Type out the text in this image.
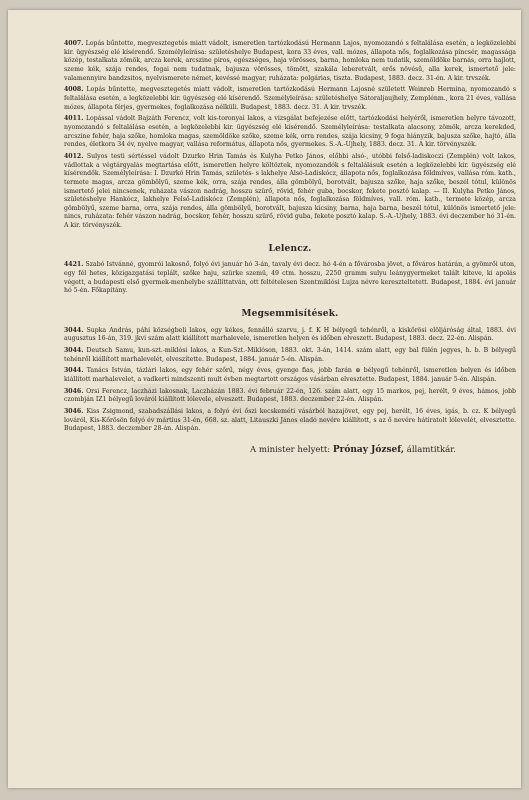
4007. Lopás bűntette, megvesztegetés miatt vádolt, ismeretlen tartózkodású Hermann Lajos, nyomozandó s feltalálása esetén, a legközelebbi kir. ügyészség elé kísérendő. Személyleírása: születéshelye Budapest, kora 33 éves, vall. mózes, állapota nős, foglalkozása pincsér, magassága közép, testalkata zömök, arcza kerek, arcszine piros, egészséges, haja vörösses, barna, homloka nem tudatik, szemöldöke barnás, orra hajlott, szeme kék, szája rendes, fogai nem tudatnak, bajusza vörösses, tömött, szakála leberetvált, erős növésű, alla kerek, ismertető jele: valamennyire bandzsitos, nyelvismerete német, kevéssé magyar, ruházata: polgárias, tiszta. Budapest, 1883. decz. 31-én. A kir. trvszék.

4008. Lopás bűntette, megvesztegetés miatt vádolt, ismeretlen tartózkodású Hermann Lajosné született Weinreb Hermina, nyomozandó s feltalálása esetén, a legközelebbi kir. ügyészség elé kísérendő. Személyleírása: születéshelye Sátoraljaujhely, Zemplénm., kora 21 éves, vallása mózes, állapota férjes, gyermekes, foglalkozása nélküli. Budapest, 1883. decz. 31. A kir. trvszék.

4011. Lopással vádolt Bajzáth Ferencz, volt kis-toronyai lakos, a vizsgálat befejezése előtt, tartózkodási helyéről, ismeretlen helyre távozott, nyomozandó s feltalálása esetén, a legközelebbi kir. ügyészség elé kísérendő. Személyleírása: testalkata alacsony, zömök, arcza kerekded, arcszine fehér, haja szőke, homloka magas, szemöldöke szőke, szeme kék, orra rendes, szája kicsiny, 9 foga hiányzik, bajusza szőke, hajtó, álla rendes, életkora 34 év, nyelve magyar, vallása református, állapota nős, gyermekes. S.-A.-Ujhely, 1883. decz. 31. A kir. törvényszék.

4012. Sulyos testi sértéssel vádolt Dzurko Hrin Tamás és Kulyha Petko János, előbbi alsó-, utóbbi felső-ladiskoczi (Zemplén) volt lakos, vádlottak a végtárgyalás megtartása előtt, ismeretlen helyre költöztek, nyomozandók s feltalálásuk esetén a legközelebbi kir. ügyészség elé kísérendők. Személyleírása: I. Dzurkó Hrin Tamás, születés- s lakhelye Alsó-Ladiskócz, állapota nős, foglalkozása földmíves, vallása róm. kath., termete magas, arcza gömbölyű, szeme kék, orra, szája rendes, álla gömbölyű, borotvált, bajusza szőke, haja szőke, beszél tótul, különös ismertető jelei nincsenek, ruházata vászon nadrág, hosszu szürő, rövid, fehér guba, bocskor, fekete posztó kalap. — II. Kulyha Petko János, születéshelye Hankócz, lakhelye Felső-Ladiskócz (Zemplén), állapota nős, foglalkozása földmíves, vall. róm. kath., termete közép, arcza gömbölyű, szeme barna, orra, szája rendes, álla gömbölyű, borotvált, bajusza kicsiny, barna, haja barna, beszél tótul, különös ismertető jele: nincs, ruházata: fehér vászon nadrág, bocskor, fehér, hosszu szürő, rövid guba, fekete posztó kalap. S.-A.-Ujhely, 1883. évi deczember hó 31-én. A kir. törvényszék.

Lelencz.

4421. Szabó Istvánné, gyomrói lakosnő, folyó évi január hó 3-án, tavaly évi decz. hó 4-én a fővárosba jövet, a főváros határán, a gyömrői uton, egy fél hetes, közigazgatási teplált, szőke haju, szürke szemü, 49 ctm. hosszu, 2250 gramm sulyu leánygyermeket talált kiteve, ki apolás végett, a budapesti első gyermek-menhelybe szállíttatván, ott feltételesen Szentmiklósi Lujza névre kereszteltetett. Budapest, 1884. évi január hó 5-én. Főkapitány.

Megsemmisítések.

3044. Supka András, páhi községbeli lakos, egy kékes, fennálló szarvu, j. f. K H bélyegű tehénről, a kiskőrösi elöljáróság által, 1883. évi augusztus 16-án, 319. jkvi szám alatt kiállított marhalevele, ismeretlen helyen és időben elveszett. Budapest, 1883. decz. 22-én. Alispán.

3044. Deutsch Samu, kun-szt.-miklósi lakos, a Kun-Szt.-Miklóson, 1883. okt. 3-án, 1414. szám alatt, egy bal fülén jegyes, h. b. B bélyegű tehénről kiállított marhalevelét, elveszítette. Budapest, 1884. január 5-én. Alispán.

3044. Tanács István, tázlári lakos, egy fehér szőrű, négy éves, gyenge fias, jobb farán ⊕ bélyegű tehénről, ismeretlen helyen és időben kiállított marhalevelet, a vadkerti mindszenti mult évben megtartott országos vásárban elvesztette. Budapest, 1884. január 5-én. Alispán.

3046. Orsi Ferencz, laczházi lakosnak, Laczházán 1883. évi február 22-én, 126. szám alatt, egy 15 markos, pej, herélt, 9 éves, hámos, jobb czombján IZ1 bélyegű lováról kiállított lólevele, elveszett. Budapest, 1883. deczember 22-én. Alispán.

3046. Kiss Zsigmond, szabadszállási lakos, a folyó évi őszi kecskeméti vásárból hazajövet, egy pej, herélt, 16 éves, igás, b. cz. K bélyegű lováról, Kis-Kőrösön folyó év mártius 31-én, 668. sz. alatt, Litauszki János eladó nevére kiállított, s az ő nevére hátiratolt lólevelét, elvesztette. Budapest, 1883. deczember 28-án. Alispán.

A minister helyett: Prónay József, államtitkár.
